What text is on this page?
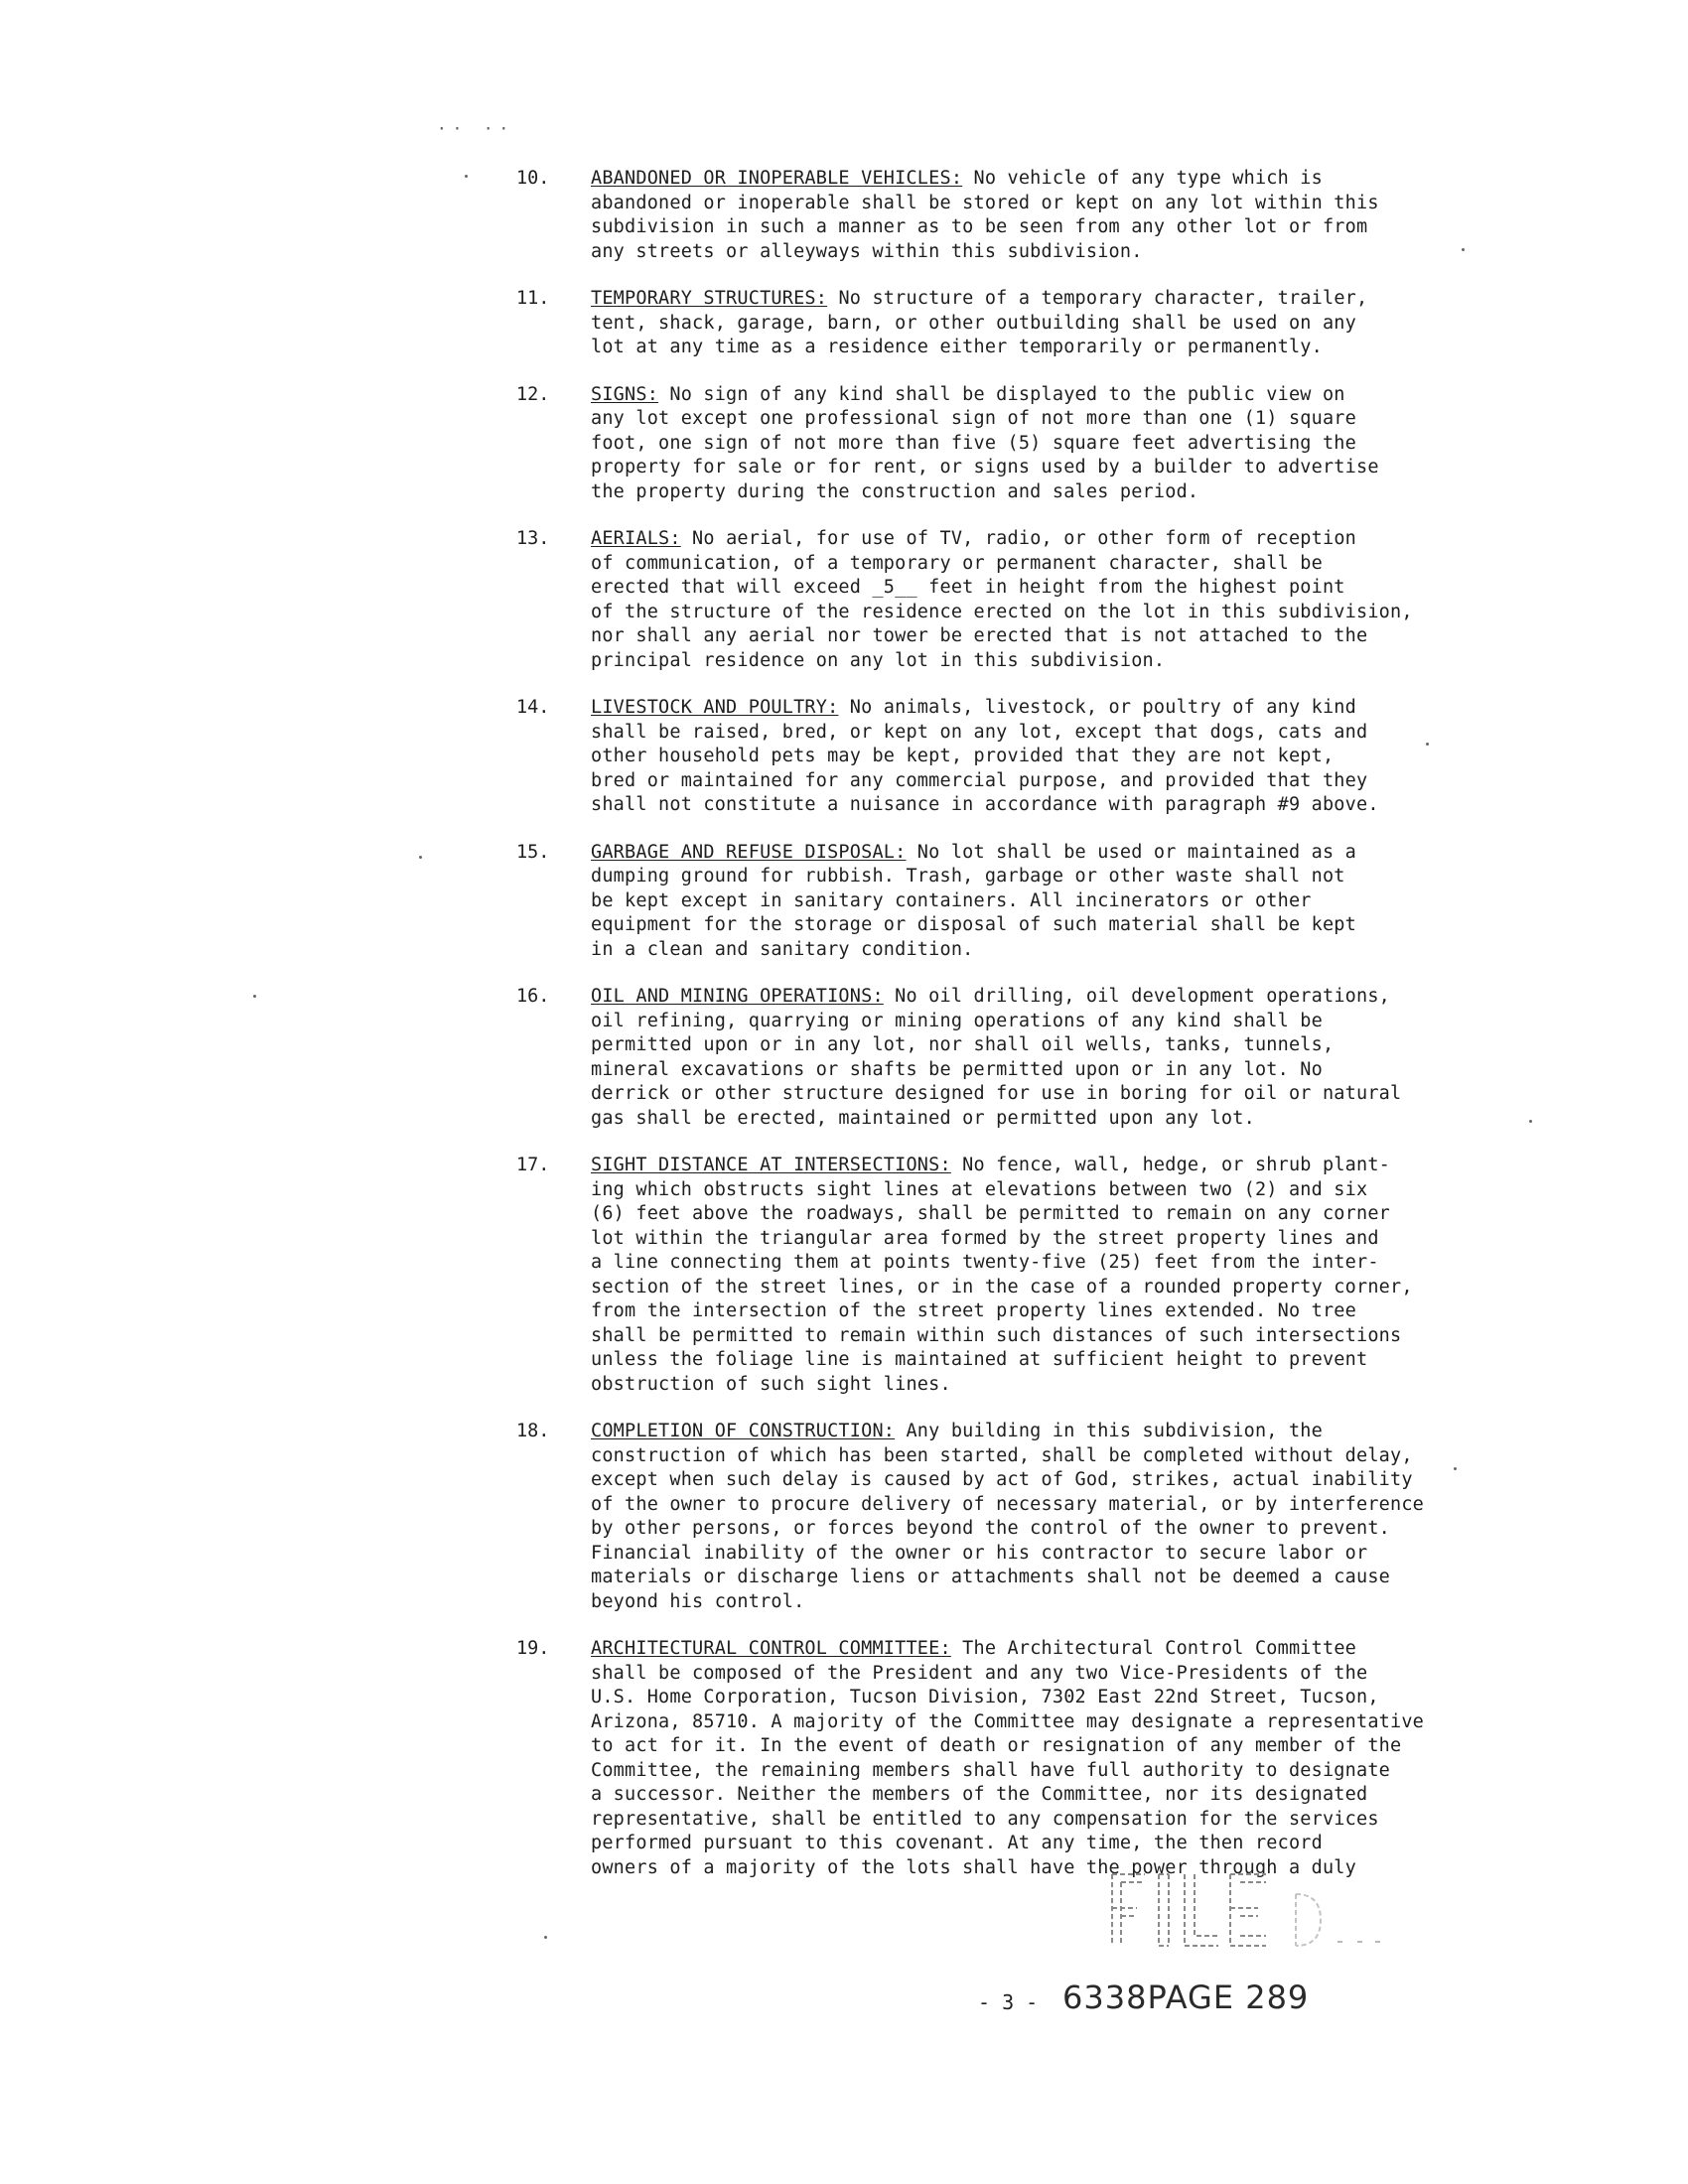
·· ··
10.	ABANDONED OR INOPERABLE VEHICLES: No vehicle of any type which is
abandoned or inoperable shall be stored or kept on any lot within this
subdivision in such a manner as to be seen from any other lot or from
any streets or alleyways within this subdivision.
11.	TEMPORARY STRUCTURES: No structure of a temporary character, trailer,
tent, shack, garage, barn, or other outbuilding shall be used on any
lot at any time as a residence either temporarily or permanently.
12.	SIGNS: No sign of any kind shall be displayed to the public view on
any lot except one professional sign of not more than one (1) square
foot, one sign of not more than five (5) square feet advertising the
property for sale or for rent, or signs used by a builder to advertise
the property during the construction and sales period.
13.	AERIALS: No aerial, for use of TV, radio, or other form of reception
of communication, of a temporary or permanent character, shall be
erected that will exceed _5__ feet in height from the highest point
of the structure of the residence erected on the lot in this subdivision,
nor shall any aerial nor tower be erected that is not attached to the
principal residence on any lot in this subdivision.
14.	LIVESTOCK AND POULTRY: No animals, livestock, or poultry of any kind
shall be raised, bred, or kept on any lot, except that dogs, cats and
other household pets may be kept, provided that they are not kept,
bred or maintained for any commercial purpose, and provided that they
shall not constitute a nuisance in accordance with paragraph #9 above.
15.	GARBAGE AND REFUSE DISPOSAL: No lot shall be used or maintained as a
dumping ground for rubbish. Trash, garbage or other waste shall not
be kept except in sanitary containers. All incinerators or other
equipment for the storage or disposal of such material shall be kept
in a clean and sanitary condition.
16.	OIL AND MINING OPERATIONS: No oil drilling, oil development operations,
oil refining, quarrying or mining operations of any kind shall be
permitted upon or in any lot, nor shall oil wells, tanks, tunnels,
mineral excavations or shafts be permitted upon or in any lot. No
derrick or other structure designed for use in boring for oil or natural
gas shall be erected, maintained or permitted upon any lot.
17.	SIGHT DISTANCE AT INTERSECTIONS: No fence, wall, hedge, or shrub plant-
ing which obstructs sight lines at elevations between two (2) and six
(6) feet above the roadways, shall be permitted to remain on any corner
lot within the triangular area formed by the street property lines and
a line connecting them at points twenty-five (25) feet from the inter-
section of the street lines, or in the case of a rounded property corner,
from the intersection of the street property lines extended. No tree
shall be permitted to remain within such distances of such intersections
unless the foliage line is maintained at sufficient height to prevent
obstruction of such sight lines.
18.	COMPLETION OF CONSTRUCTION: Any building in this subdivision, the
construction of which has been started, shall be completed without delay,
except when such delay is caused by act of God, strikes, actual inability
of the owner to procure delivery of necessary material, or by interference
by other persons, or forces beyond the control of the owner to prevent.
Financial inability of the owner or his contractor to secure labor or
materials or discharge liens or attachments shall not be deemed a cause
beyond his control.
19.	ARCHITECTURAL CONTROL COMMITTEE: The Architectural Control Committee
shall be composed of the President and any two Vice-Presidents of the
U.S. Home Corporation, Tucson Division, 7302 East 22nd Street, Tucson,
Arizona, 85710. A majority of the Committee may designate a representative
to act for it. In the event of death or resignation of any member of the
Committee, the remaining members shall have full authority to designate
a successor. Neither the members of the Committee, nor its designated
representative, shall be entitled to any compensation for the services
performed pursuant to this covenant. At any time, the then record
owners of a majority of the lots shall have the power through a duly
- 3 - 6338PAGE 289
